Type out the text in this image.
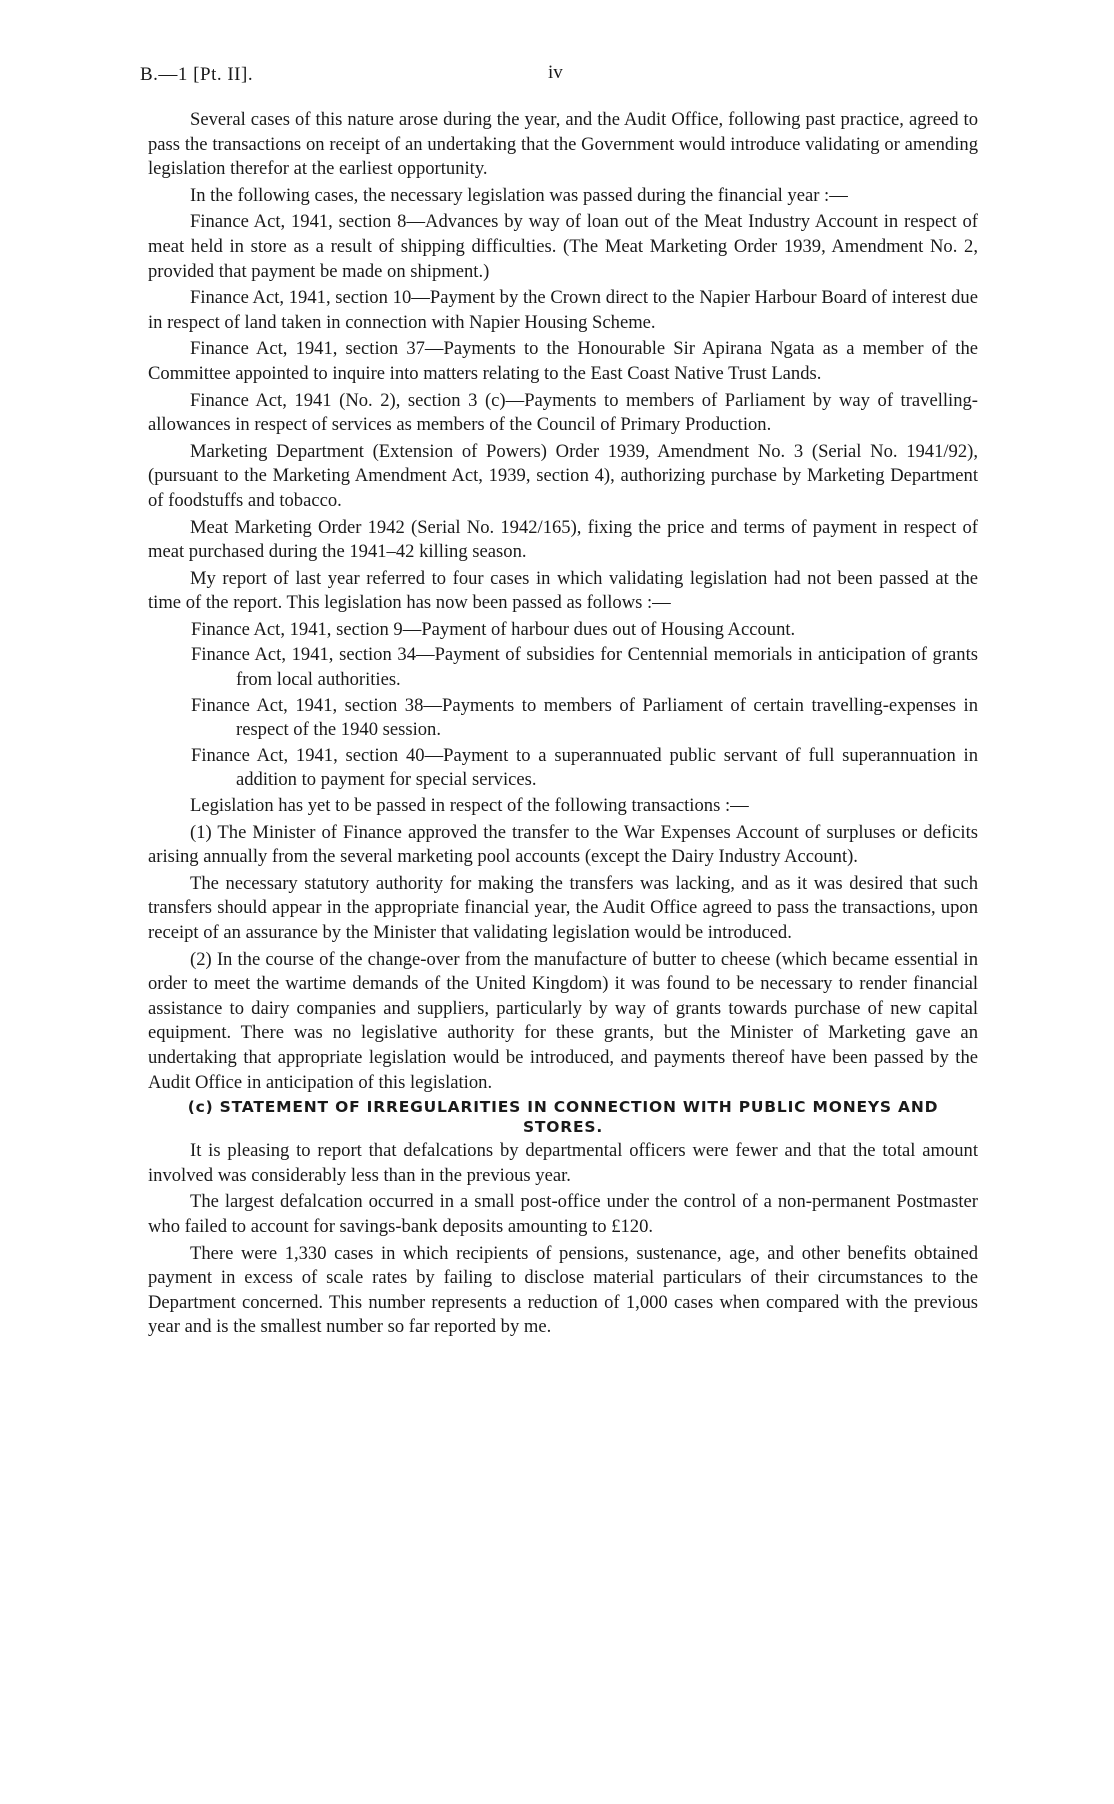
B.—1 [Pt. II].	iv

Several cases of this nature arose during the year, and the Audit Office, following past practice, agreed to pass the transactions on receipt of an undertaking that the Government would introduce validating or amending legislation therefor at the earliest opportunity.

In the following cases, the necessary legislation was passed during the financial year :—

Finance Act, 1941, section 8—Advances by way of loan out of the Meat Industry Account in respect of meat held in store as a result of shipping difficulties. (The Meat Marketing Order 1939, Amendment No. 2, provided that payment be made on shipment.)

Finance Act, 1941, section 10—Payment by the Crown direct to the Napier Harbour Board of interest due in respect of land taken in connection with Napier Housing Scheme.

Finance Act, 1941, section 37—Payments to the Honourable Sir Apirana Ngata as a member of the Committee appointed to inquire into matters relating to the East Coast Native Trust Lands.

Finance Act, 1941 (No. 2), section 3 (c)—Payments to members of Parliament by way of travelling-allowances in respect of services as members of the Council of Primary Production.

Marketing Department (Extension of Powers) Order 1939, Amendment No. 3 (Serial No. 1941/92), (pursuant to the Marketing Amendment Act, 1939, section 4), authorizing purchase by Marketing Department of foodstuffs and tobacco.

Meat Marketing Order 1942 (Serial No. 1942/165), fixing the price and terms of payment in respect of meat purchased during the 1941–42 killing season.

My report of last year referred to four cases in which validating legislation had not been passed at the time of the report. This legislation has now been passed as follows :—

Finance Act, 1941, section 9—Payment of harbour dues out of Housing Account.

Finance Act, 1941, section 34—Payment of subsidies for Centennial memorials in anticipation of grants from local authorities.

Finance Act, 1941, section 38—Payments to members of Parliament of certain travelling-expenses in respect of the 1940 session.

Finance Act, 1941, section 40—Payment to a superannuated public servant of full superannuation in addition to payment for special services.

Legislation has yet to be passed in respect of the following transactions :—

(1) The Minister of Finance approved the transfer to the War Expenses Account of surpluses or deficits arising annually from the several marketing pool accounts (except the Dairy Industry Account).

The necessary statutory authority for making the transfers was lacking, and as it was desired that such transfers should appear in the appropriate financial year, the Audit Office agreed to pass the transactions, upon receipt of an assurance by the Minister that validating legislation would be introduced.

(2) In the course of the change-over from the manufacture of butter to cheese (which became essential in order to meet the wartime demands of the United Kingdom) it was found to be necessary to render financial assistance to dairy companies and suppliers, particularly by way of grants towards purchase of new capital equipment. There was no legislative authority for these grants, but the Minister of Marketing gave an undertaking that appropriate legislation would be introduced, and payments thereof have been passed by the Audit Office in anticipation of this legislation.

(c) STATEMENT OF IRREGULARITIES IN CONNECTION WITH PUBLIC MONEYS AND STORES.

It is pleasing to report that defalcations by departmental officers were fewer and that the total amount involved was considerably less than in the previous year.

The largest defalcation occurred in a small post-office under the control of a non-permanent Postmaster who failed to account for savings-bank deposits amounting to £120.

There were 1,330 cases in which recipients of pensions, sustenance, age, and other benefits obtained payment in excess of scale rates by failing to disclose material particulars of their circumstances to the Department concerned. This number represents a reduction of 1,000 cases when compared with the previous year and is the smallest number so far reported by me.
